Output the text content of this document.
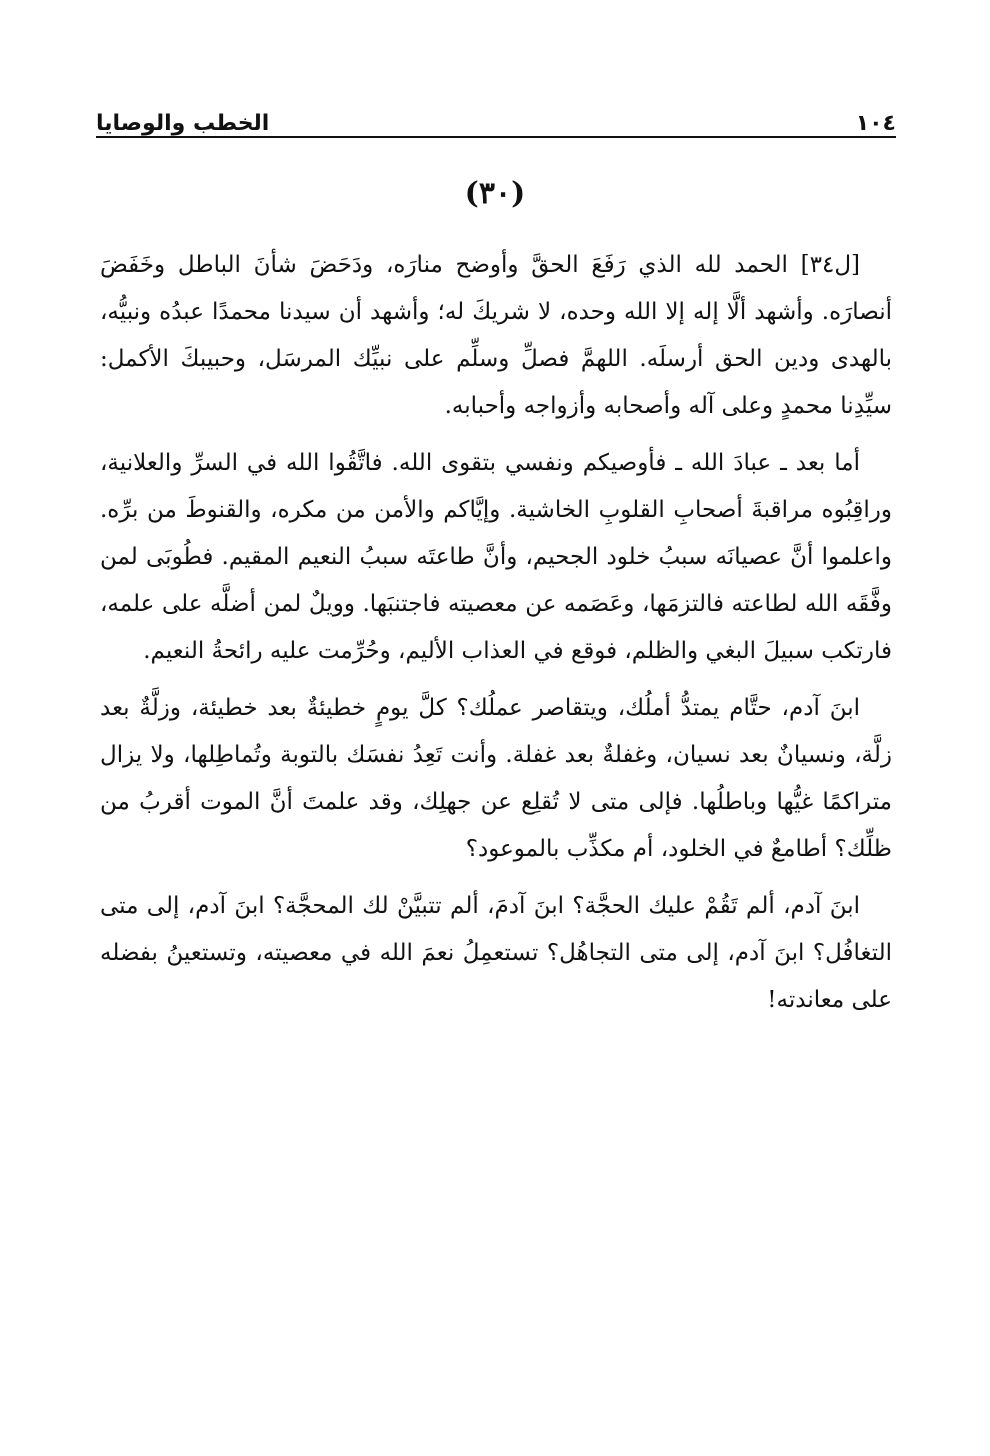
١٠٤
الخطب والوصايا
(٣٠)

[ل٣٤] الحمد لله الذي رَفَعَ الحقَّ وأوضح منارَه، ودَحَضَ شأنَ الباطل وخَفَضَ أنصارَه. وأشهد ألَّا إله إلا الله وحده، لا شريكَ له؛ وأشهد أن سيدنا محمدًا عبدُه ونبيُّه، بالهدى ودين الحق أرسلَه. اللهمَّ فصلِّ وسلِّم على نبيِّك المرسَل، وحبيبكَ الأكمل: سيِّدِنا محمدٍ وعلى آله وأصحابه وأزواجه وأحبابه.

أما بعد ـ عبادَ الله ـ فأوصيكم ونفسي بتقوى الله. فاتَّقُوا الله في السرِّ والعلانية، وراقِبُوه مراقبةَ أصحابِ القلوبِ الخاشية. وإيَّاكم والأمن من مكره، والقنوطَ من برِّه. واعلموا أنَّ عصيانَه سببُ خلود الجحيم، وأنَّ طاعتَه سببُ النعيم المقيم. فطُوبَى لمن وفَّقَه الله لطاعته فالتزمَها، وعَصَمه عن معصيته فاجتنبَها. وويلٌ لمن أضلَّه على علمه، فارتكب سبيلَ البغي والظلم، فوقع في العذاب الأليم، وحُرِّمت عليه رائحةُ النعيم.

ابنَ آدم، حتَّام يمتدُّ أملُك، ويتقاصر عملُك؟ كلَّ يومٍ خطيئةٌ بعد خطيئة، وزلَّةٌ بعد زلَّة، ونسيانٌ بعد نسيان، وغفلةٌ بعد غفلة. وأنت تَعِدُ نفسَك بالتوبة وتُماطِلها، ولا يزال متراكمًا غيُّها وباطلُها. فإلى متى لا تُقلِع عن جهلِك، وقد علمتَ أنَّ الموت أقربُ من ظلِّك؟ أطامعٌ في الخلود، أم مكذِّب بالموعود؟

ابنَ آدم، ألم تَقُمْ عليك الحجَّة؟ ابنَ آدمَ، ألم تتبيَّنْ لك المحجَّة؟ ابنَ آدم، إلى متى التغافُل؟ ابنَ آدم، إلى متى التجاهُل؟ تستعمِلُ نعمَ الله في معصيته، وتستعينُ بفضله على معاندته!
